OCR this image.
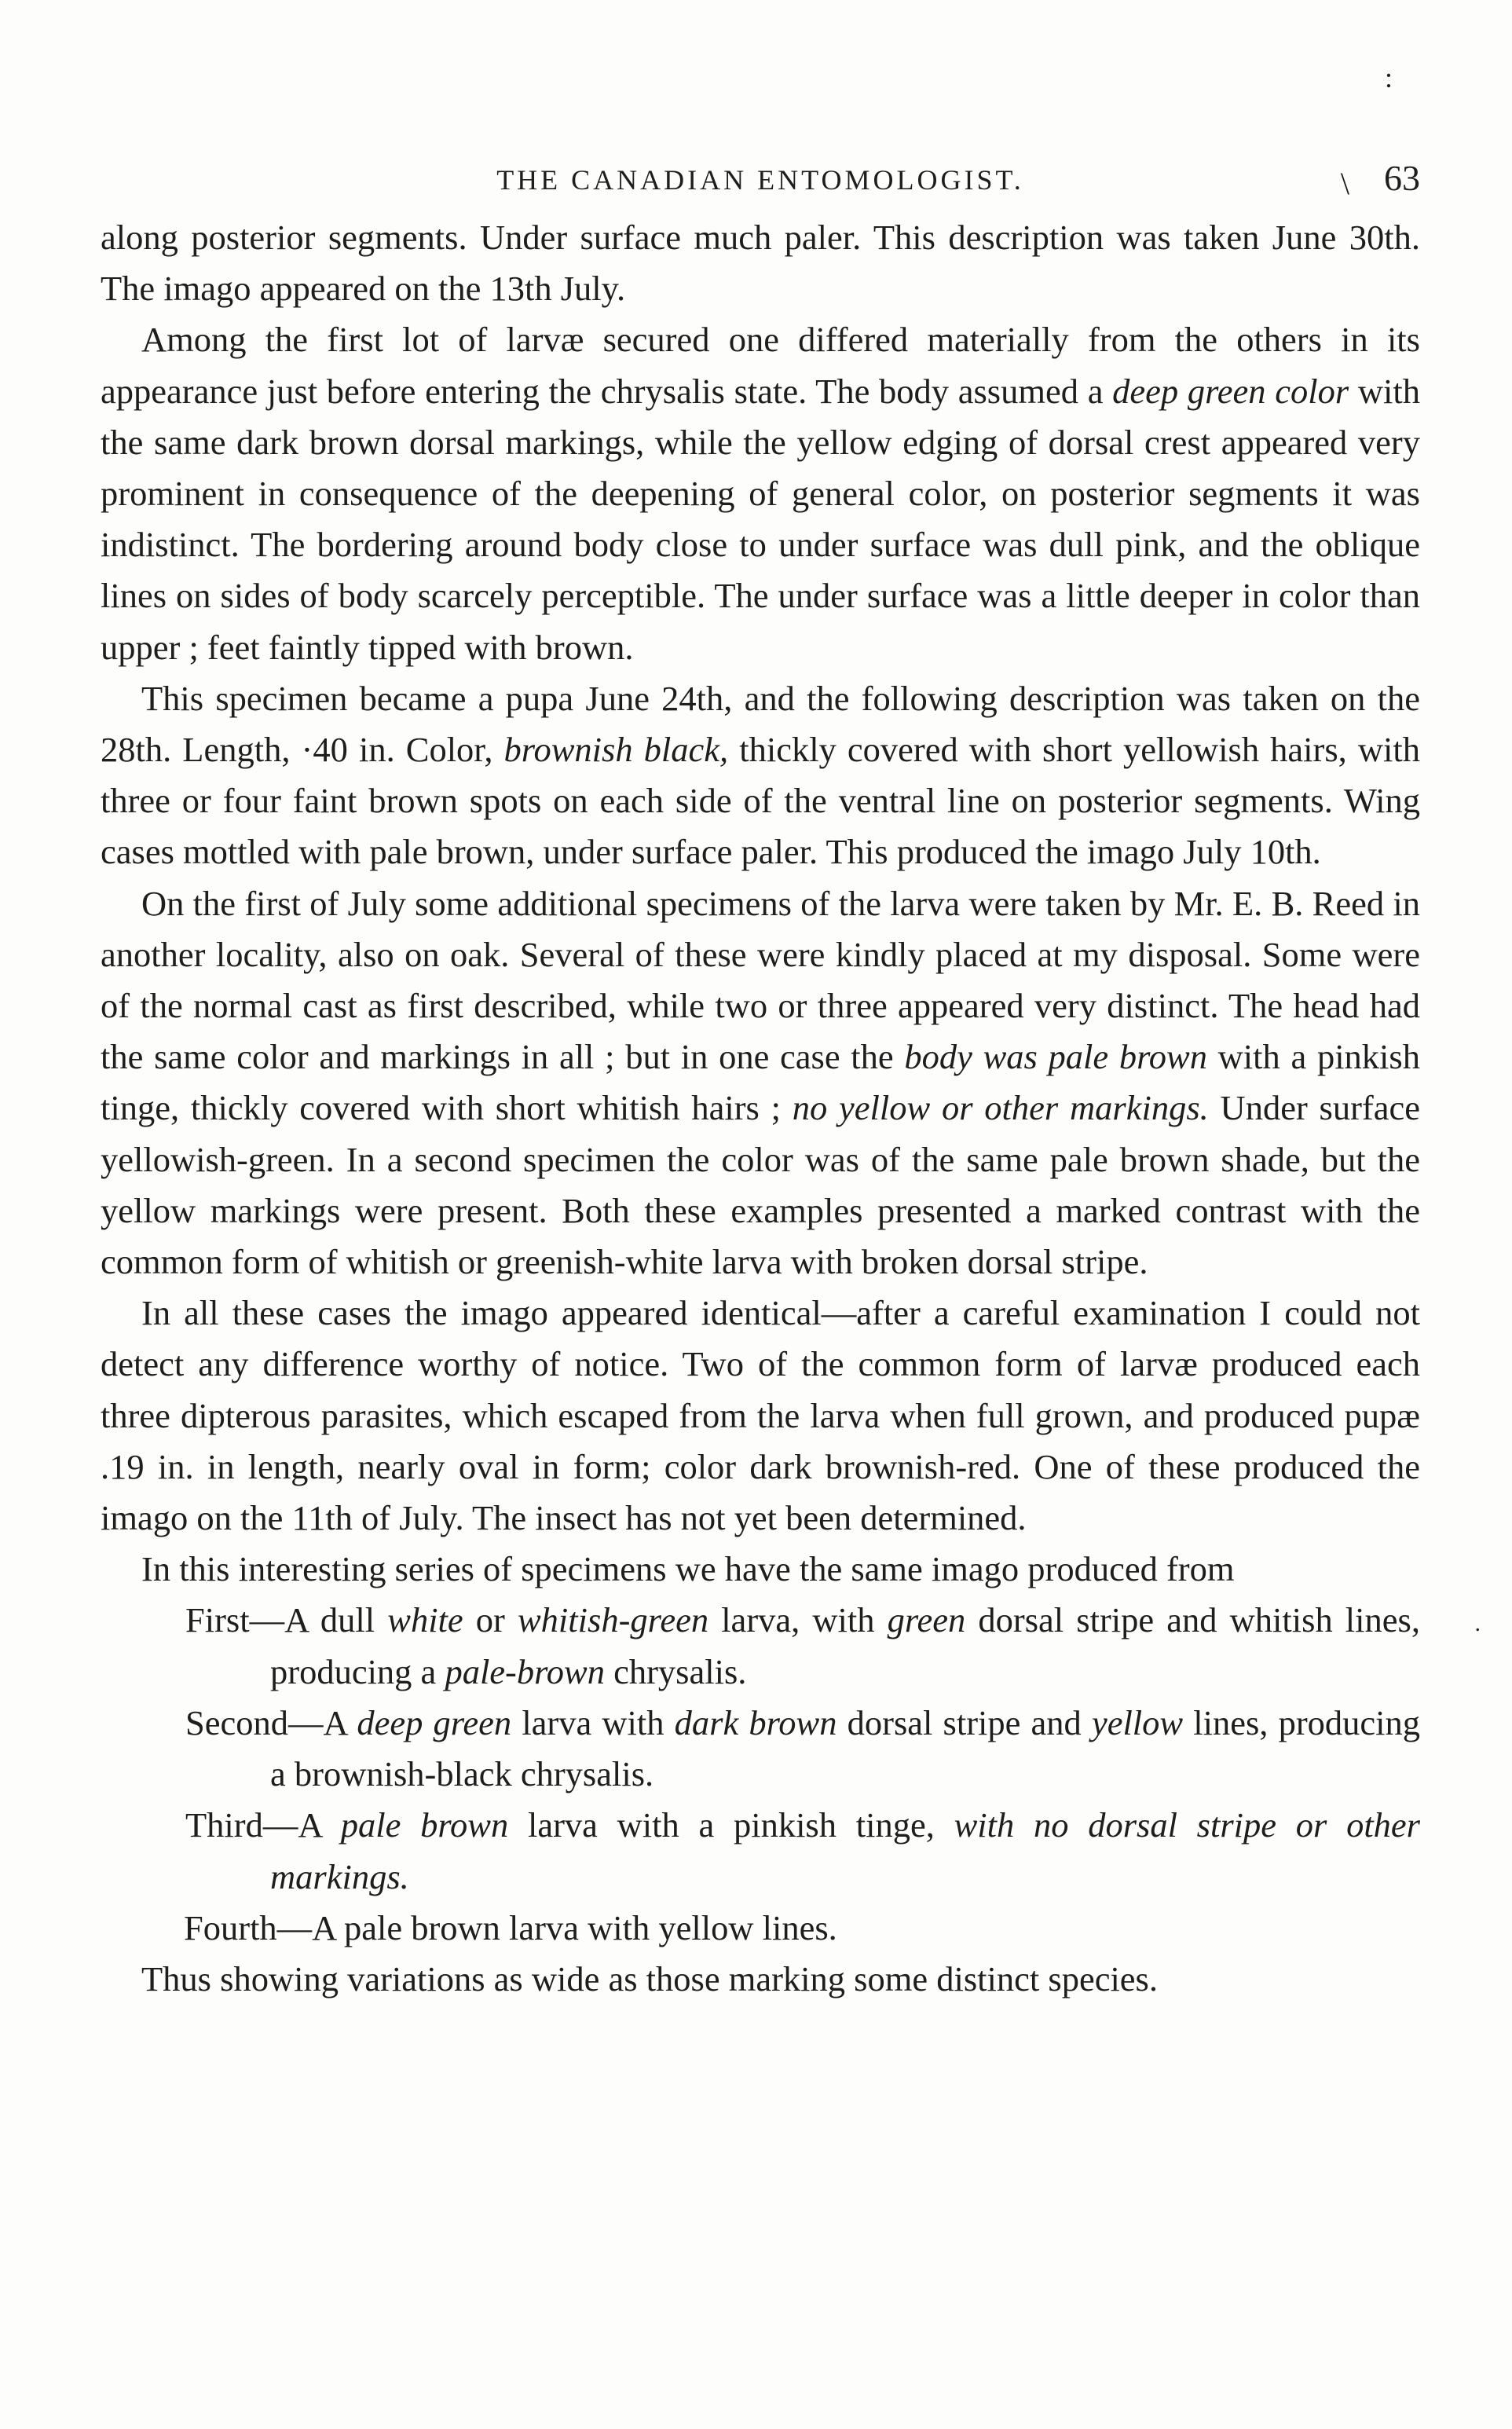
:
.
THE CANADIAN ENTOMOLOGIST.	\ 63

along posterior segments. Under surface much paler. This description was taken June 30th. The imago appeared on the 13th July.

Among the first lot of larvæ secured one differed materially from the others in its appearance just before entering the chrysalis state. The body assumed a deep green color with the same dark brown dorsal markings, while the yellow edging of dorsal crest appeared very prominent in consequence of the deepening of general color, on posterior segments it was indistinct. The bordering around body close to under surface was dull pink, and the oblique lines on sides of body scarcely perceptible. The under surface was a little deeper in color than upper ; feet faintly tipped with brown.

This specimen became a pupa June 24th, and the following description was taken on the 28th. Length, ·40 in. Color, brownish black, thickly covered with short yellowish hairs, with three or four faint brown spots on each side of the ventral line on posterior segments. Wing cases mottled with pale brown, under surface paler. This produced the imago July 10th.

On the first of July some additional specimens of the larva were taken by Mr. E. B. Reed in another locality, also on oak. Several of these were kindly placed at my disposal. Some were of the normal cast as first described, while two or three appeared very distinct. The head had the same color and markings in all ; but in one case the body was pale brown with a pinkish tinge, thickly covered with short whitish hairs ; no yellow or other markings. Under surface yellowish-green. In a second specimen the color was of the same pale brown shade, but the yellow markings were present. Both these examples presented a marked contrast with the common form of whitish or greenish-white larva with broken dorsal stripe.

In all these cases the imago appeared identical—after a careful examination I could not detect any difference worthy of notice. Two of the common form of larvæ produced each three dipterous parasites, which escaped from the larva when full grown, and produced pupæ .19 in. in length, nearly oval in form; color dark brownish-red. One of these produced the imago on the 11th of July. The insect has not yet been determined.

In this interesting series of specimens we have the same imago produced from

First—A dull white or whitish-green larva, with green dorsal stripe and whitish lines, producing a pale-brown chrysalis.

Second—A deep green larva with dark brown dorsal stripe and yellow lines, producing a brownish-black chrysalis.

Third—A pale brown larva with a pinkish tinge, with no dorsal stripe or other markings.

Fourth—A pale brown larva with yellow lines.

Thus showing variations as wide as those marking some distinct species.
